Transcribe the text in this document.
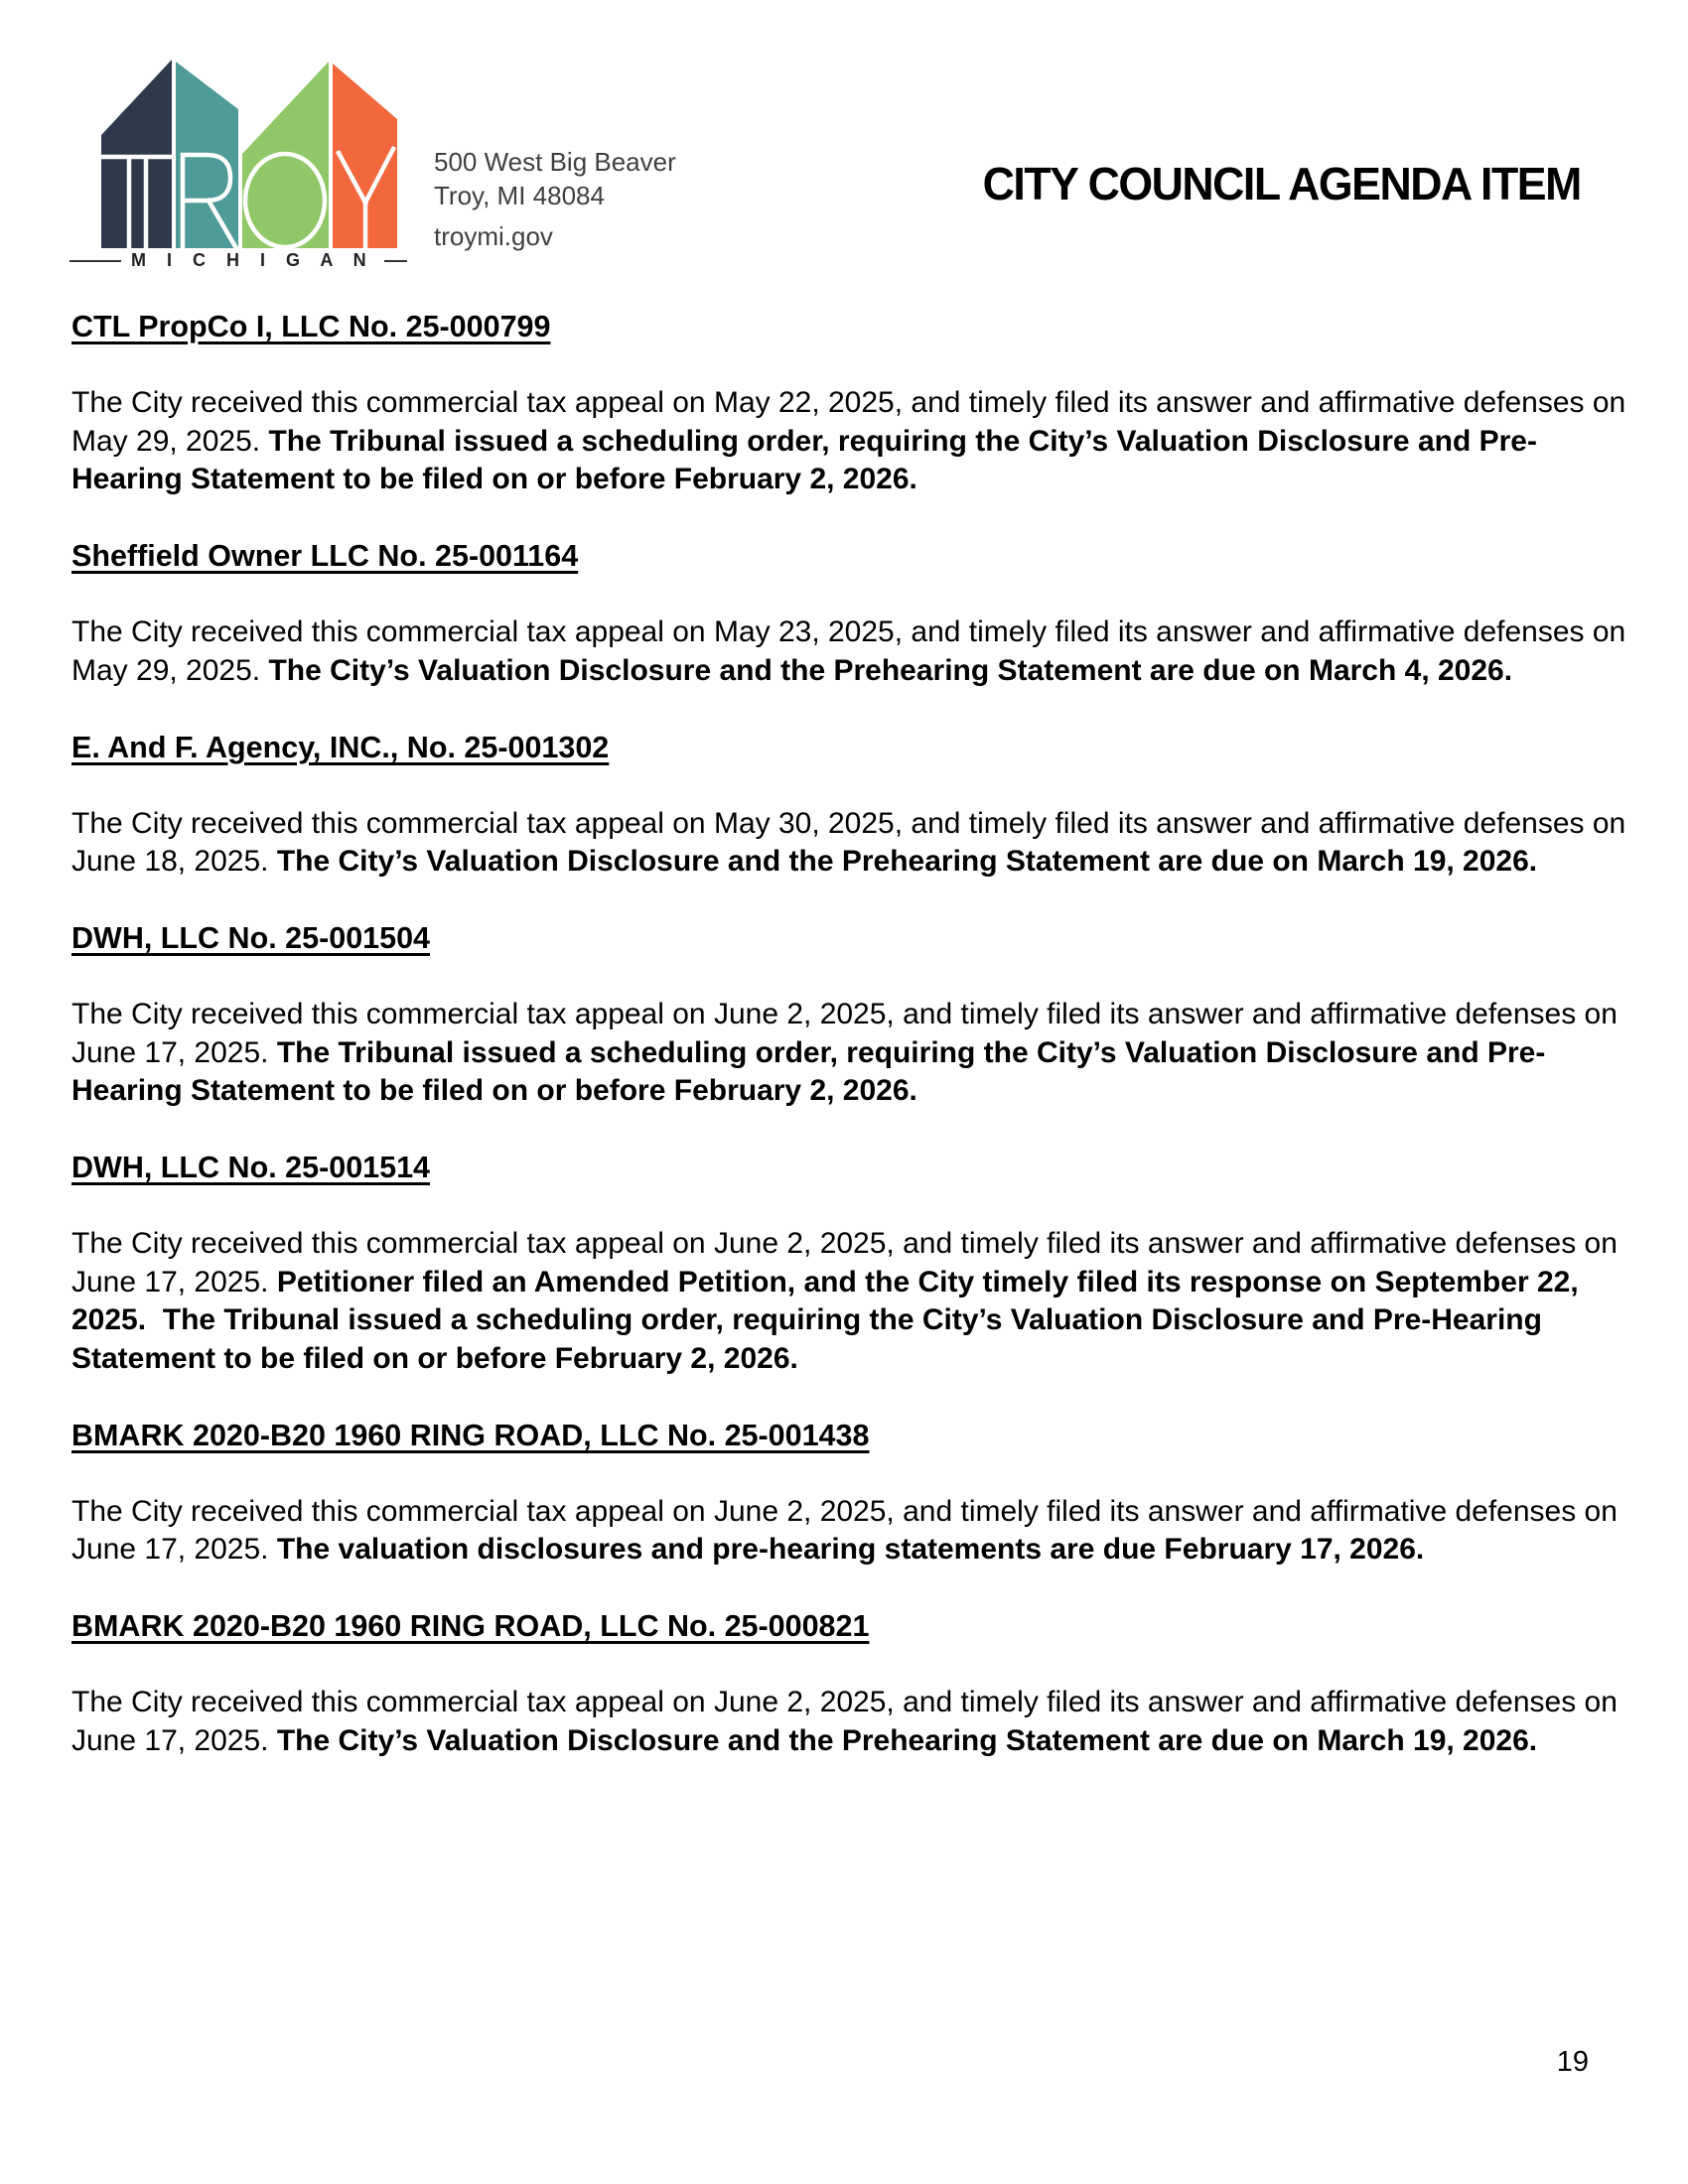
M I C H I G A N
500 West Big Beaver
Troy, MI 48084
troymi.gov
CITY COUNCIL AGENDA ITEM
CTL PropCo I, LLC No. 25-000799

The City received this commercial tax appeal on May 22, 2025, and timely filed its answer and affirmative defenses on May 29, 2025. The Tribunal issued a scheduling order, requiring the City’s Valuation Disclosure and Pre-Hearing Statement to be filed on or before February 2, 2026.

Sheffield Owner LLC No. 25-001164

The City received this commercial tax appeal on May 23, 2025, and timely filed its answer and affirmative defenses on May 29, 2025. The City’s Valuation Disclosure and the Prehearing Statement are due on March 4, 2026.

E. And F. Agency, INC., No. 25-001302

The City received this commercial tax appeal on May 30, 2025, and timely filed its answer and affirmative defenses on June 18, 2025. The City’s Valuation Disclosure and the Prehearing Statement are due on March 19, 2026.

DWH, LLC No. 25-001504

The City received this commercial tax appeal on June 2, 2025, and timely filed its answer and affirmative defenses on June 17, 2025. The Tribunal issued a scheduling order, requiring the City’s Valuation Disclosure and Pre-Hearing Statement to be filed on or before February 2, 2026.

DWH, LLC No. 25-001514

The City received this commercial tax appeal on June 2, 2025, and timely filed its answer and affirmative defenses on June 17, 2025. Petitioner filed an Amended Petition, and the City timely filed its response on September 22, 2025.  The Tribunal issued a scheduling order, requiring the City’s Valuation Disclosure and Pre-Hearing Statement to be filed on or before February 2, 2026.

BMARK 2020-B20 1960 RING ROAD, LLC No. 25-001438

The City received this commercial tax appeal on June 2, 2025, and timely filed its answer and affirmative defenses on June 17, 2025. The valuation disclosures and pre-hearing statements are due February 17, 2026.

BMARK 2020-B20 1960 RING ROAD, LLC No. 25-000821

The City received this commercial tax appeal on June 2, 2025, and timely filed its answer and affirmative defenses on June 17, 2025. The City’s Valuation Disclosure and the Prehearing Statement are due on March 19, 2026.

19
